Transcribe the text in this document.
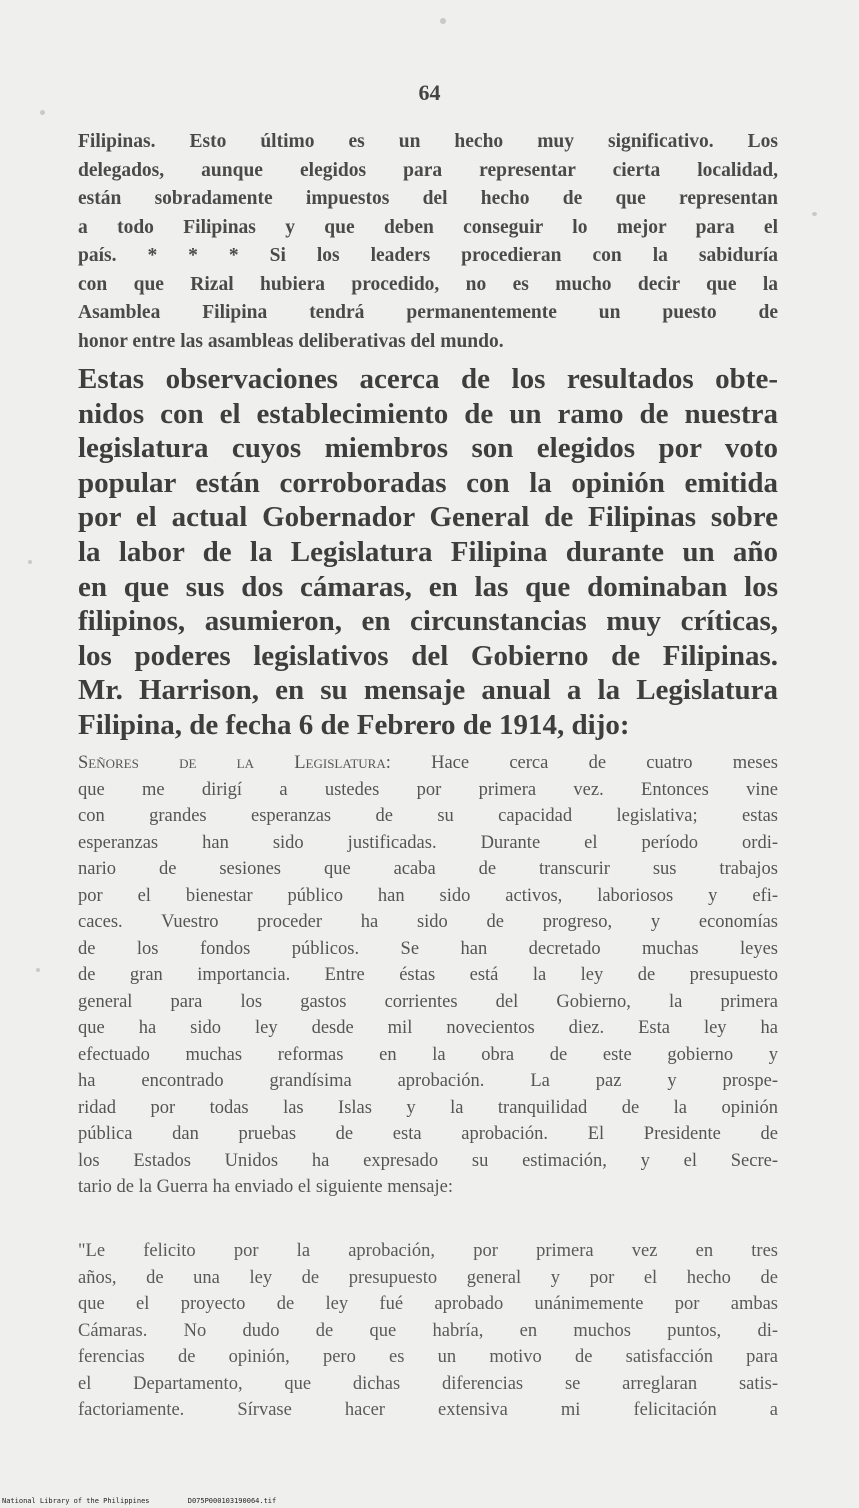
64
Filipinas. Esto último es un hecho muy significativo. Los
delegados, aunque elegidos para representar cierta localidad,
están sobradamente impuestos del hecho de que representan
a todo Filipinas y que deben conseguir lo mejor para el
país. * * * Si los leaders procedieran con la sabiduría
con que Rizal hubiera procedido, no es mucho decir que la
Asamblea Filipina tendrá permanentemente un puesto de
honor entre las asambleas deliberativas del mundo.
Estas observaciones acerca de los resultados obte-
nidos con el establecimiento de un ramo de nuestra
legislatura cuyos miembros son elegidos por voto
popular están corroboradas con la opinión emitida
por el actual Gobernador General de Filipinas sobre
la labor de la Legislatura Filipina durante un año
en que sus dos cámaras, en las que dominaban los
filipinos, asumieron, en circunstancias muy críticas,
los poderes legislativos del Gobierno de Filipinas.
Mr. Harrison, en su mensaje anual a la Legislatura
Filipina, de fecha 6 de Febrero de 1914, dijo:
Señores de la Legislatura: Hace cerca de cuatro meses
que me dirigí a ustedes por primera vez. Entonces vine
con grandes esperanzas de su capacidad legislativa; estas
esperanzas han sido justificadas. Durante el período ordi-
nario de sesiones que acaba de transcurir sus trabajos
por el bienestar público han sido activos, laboriosos y efi-
caces. Vuestro proceder ha sido de progreso, y economías
de los fondos públicos. Se han decretado muchas leyes
de gran importancia. Entre éstas está la ley de presupuesto
general para los gastos corrientes del Gobierno, la primera
que ha sido ley desde mil novecientos diez. Esta ley ha
efectuado muchas reformas en la obra de este gobierno y
ha encontrado grandísima aprobación. La paz y prospe-
ridad por todas las Islas y la tranquilidad de la opinión
pública dan pruebas de esta aprobación. El Presidente de
los Estados Unidos ha expresado su estimación, y el Secre-
tario de la Guerra ha enviado el siguiente mensaje:
"Le felicito por la aprobación, por primera vez en tres
años, de una ley de presupuesto general y por el hecho de
que el proyecto de ley fué aprobado unánimemente por ambas
Cámaras. No dudo de que habría, en muchos puntos, di-
ferencias de opinión, pero es un motivo de satisfacción para
el Departamento, que dichas diferencias se arreglaran satis-
factoriamente. Sírvase hacer extensiva mi felicitación a
National Library of the Philippines	D075P000103190064.tif
